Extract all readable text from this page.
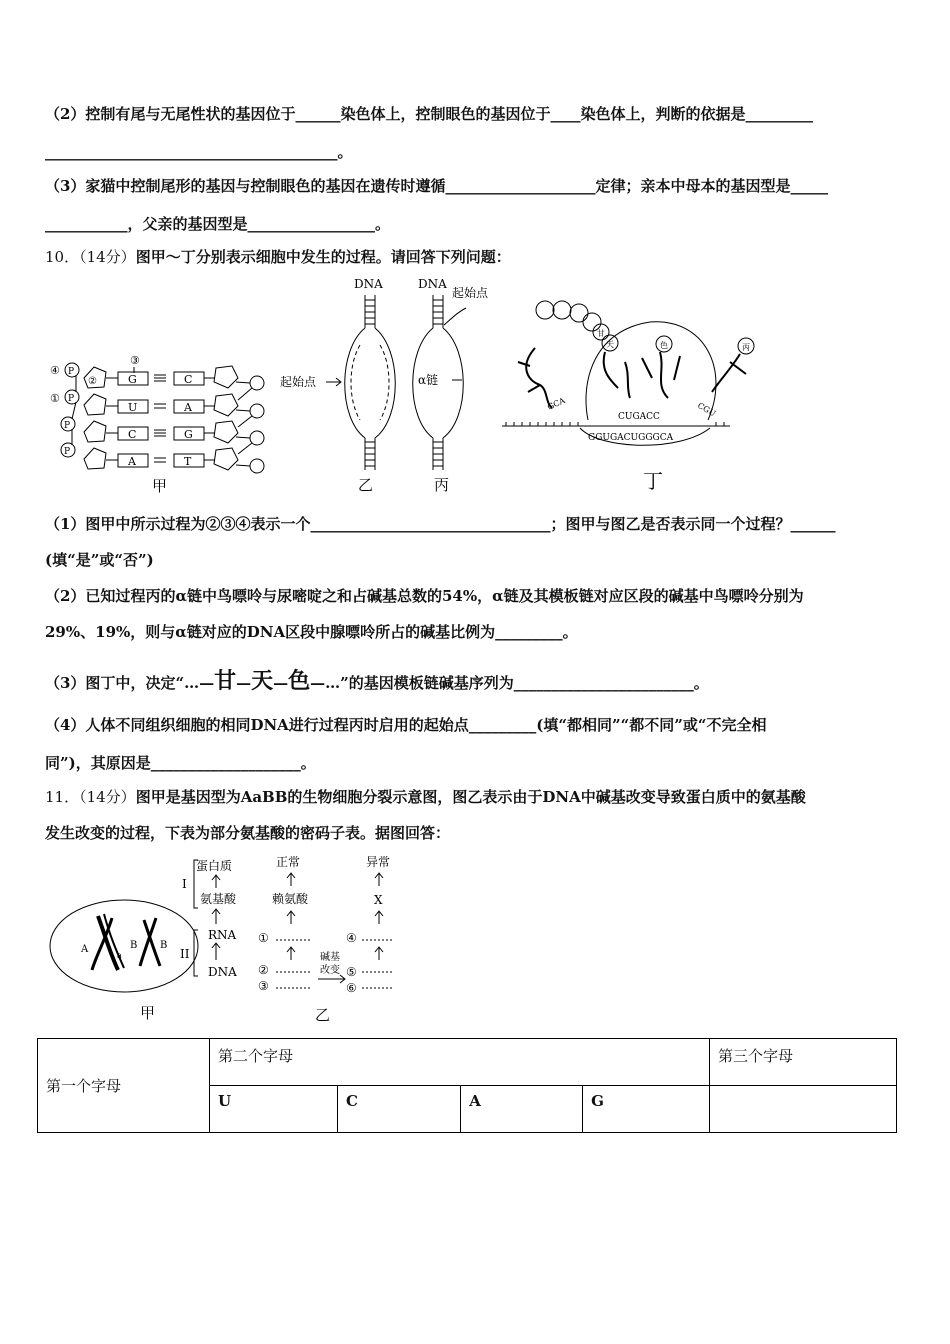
（2）控制有尾与无尾性状的基因位于______染色体上，控制眼色的基因位于____染色体上，判断的依据是_________
_______________________________________。
（3）家猫中控制尾形的基因与控制眼色的基因在遗传时遵循____________________定律；亲本中母本的基因型是_____
___________，父亲的基因型是_________________。
10．（14分）图甲～丁分别表示细胞中发生的过程。请回答下列问题：
④ P
① P
P
P
②
③
G
U
C
A
C
A
G
T
甲
DNA
起始点
乙
DNA
起始点
α链
丙
甘
天	色	丙
GCA	CGU
CUGACC
GGUGACUGGGCA
丁
（1）图甲中所示过程为②③④表示一个________________________________；图甲与图乙是否表示同一个过程？______
(填“是”或“否”)
（2）已知过程丙的α链中鸟嘌呤与尿嘧啶之和占碱基总数的54%，α链及其模板链对应区段的碱基中鸟嘌呤分别为
29%、19%，则与α链对应的DNA区段中腺嘌呤所占的碱基比例为_________。
（3）图丁中，决定“…—甘—天—色—…”的基因模板链碱基序列为________________________。
（4）人体不同组织细胞的相同DNA进行过程丙时启用的起始点_________(填“都相同”“都不同”或“不完全相
同”)，其原因是____________________。
11．（14分）图甲是基因型为AaBB的生物细胞分裂示意图，图乙表示由于DNA中碱基改变导致蛋白质中的氨基酸
发生改变的过程，下表为部分氨基酸的密码子表。据图回答：
A
a
B B
甲
蛋白质
氨基酸
RNA
DNA
I
II
正常
赖氨酸
①
②
③
碱基
改变
异常
X
④
⑤
⑥
乙
第一个字母	第二个字母				第三个字母
	U	C	A	G	
